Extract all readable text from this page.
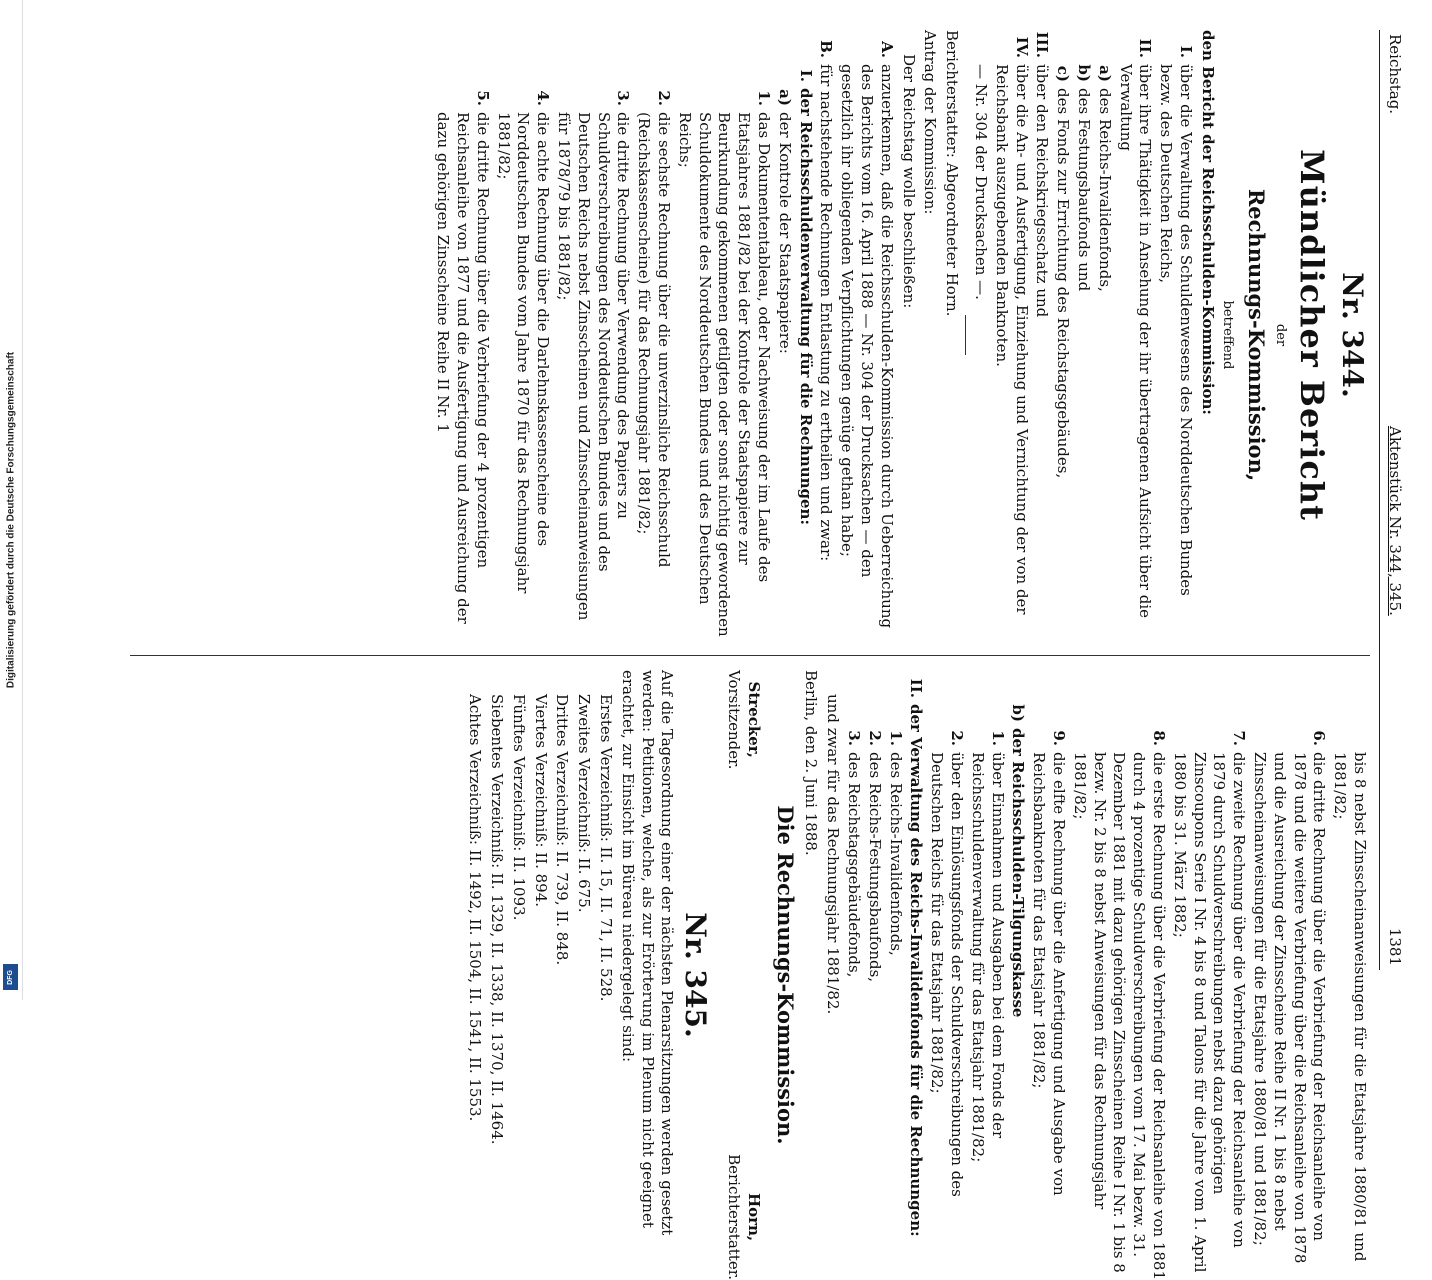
Digitalisierung gefördert durch die Deutsche Forschungsgemeinschaft
DFG
Reichstag.
Aktenstück Nr. 344, 345.
1381
Nr. 344.
Mündlicher Bericht
der
Rechnungs-Kommission,
betreffend

den Bericht der Reichsschulden-Kommission:

I.
über die Verwaltung des Schuldenwesens des Norddeutschen Bundes bezw. des Deutschen Reichs,
II.
über ihre Thätigkeit in Ansehung der ihr übertragenen Aufsicht über die Verwaltung
a)
des Reichs-Invalidenfonds,
b)
des Festungsbaufonds und
c)
des Fonds zur Errichtung des Reichstagsgebäudes,
III.
über den Reichskriegsschatz und
IV.
über die An- und Ausfertigung, Einziehung und Vernichtung der von der Reichsbank auszugebenden Banknoten.
— Nr. 304 der Drucksachen —.

Berichterstatter: Abgeordneter Horn.

Antrag der Kommission:

Der Reichstag wolle beschließen:

A.
anzuerkennen, daß die Reichsschulden-Kommission durch Ueberreichung des Berichts vom 16. April 1888 — Nr. 304 der Drucksachen — den gesetzlich ihr obliegenden Verpflichtungen genüge gethan habe;
B.
für nachstehende Rechnungen Entlastung zu ertheilen und zwar:
I.
der Reichsschuldenverwaltung für die Rechnungen:
a)
der Kontrole der Staatspapiere:
1.
das Dokumententableau, oder Nachweisung der im Laufe des Etatsjahres 1881/82 bei der Kontrole der Staatspapiere zur Beurkundung gekommenen getilgten oder sonst nichtig gewordenen Schuldokumente des Norddeutschen Bundes und des Deutschen Reichs;
2.
die sechste Rechnung über die unverzinsliche Reichsschuld (Reichskassenscheine) für das Rechnungsjahr 1881/82;
3.
die dritte Rechnung über Verwendung des Papiers zu Schuldverschreibungen des Norddeutschen Bundes und des Deutschen Reichs nebst Zinsscheinen und Zinsscheinanweisungen für 1878/79 bis 1881/82;
4.
die achte Rechnung über die Darlehnskassenscheine des Norddeutschen Bundes vom Jahre 1870 für das Rechnungsjahr 1881/82;
5.
die dritte Rechnung über die Verbriefung der 4 prozentigen Reichsanleihe von 1877 und die Ausfertigung und Ausreichung der dazu gehörigen Zinsscheine Reihe II Nr. 1
bis 8 nebst Zinsscheinanweisungen für die Etatsjahre 1880/81 und 1881/82;
6.
die dritte Rechnung über die Verbriefung der Reichsanleihe von 1878 und die weitere Verbriefung über die Reichsanleihe von 1878 und die Ausreichung der Zinsscheine Reihe II Nr. 1 bis 8 nebst Zinsscheinanweisungen für die Etatsjahre 1880/81 und 1881/82;
7.
die zweite Rechnung über die Verbriefung der Reichsanleihe von 1879 durch Schuldverschreibungen nebst dazu gehörigen Zinscoupons Serie I Nr. 4 bis 8 und Talons für die Jahre vom 1. April 1880 bis 31. März 1882;
8.
die erste Rechnung über die Verbriefung der Reichsanleihe von 1881 durch 4 prozentige Schuldverschreibungen vom 17. Mai bezw. 31. Dezember 1881 mit dazu gehörigen Zinsscheinen Reihe I Nr. 1 bis 8 bezw. Nr. 2 bis 8 nebst Anweisungen für das Rechnungsjahr 1881/82;
9.
die elfte Rechnung über die Anfertigung und Ausgabe von Reichsbanknoten für das Etatsjahr 1881/82;
b)
der Reichsschulden-Tilgungskasse
1.
über Einnahmen und Ausgaben bei dem Fonds der Reichsschuldenverwaltung für das Etatsjahr 1881/82;
2.
über den Einlösungsfonds der Schuldverschreibungen des Deutschen Reichs für das Etatsjahr 1881/82;
II.
der Verwaltung des Reichs-Invalidenfonds für die Rechnungen:
1.
des Reichs-Invalidenfonds,
2.
des Reichs-Festungsbaufonds,
3.
des Reichstagsgebäudefonds,

und zwar für das Rechnungsjahr 1881/82.

Berlin, den 2. Juni 1888.

Die Rechnungs-Kommission.
Strecker,
Vorsitzender.
Horn,
Berichterstatter.
Nr. 345.

Auf die Tagesordnung einer der nächsten Plenarsitzungen werden gesetzt werden: Petitionen, welche, als zur Erörterung im Plenum nicht geeignet erachtet, zur Einsicht im Büreau niedergelegt sind:

Erstes Verzeichniß: II. 15, II. 71, II. 528.

Zweites Verzeichniß: II. 675.

Drittes Verzeichniß: II. 739, II. 848.

Viertes Verzeichniß: II. 894.

Fünftes Verzeichniß: II. 1093.

Siebentes Verzeichniß: II. 1329, II. 1338, II. 1370, II. 1464.

Achtes Verzeichniß: II. 1492, II. 1504, II. 1541, II. 1553.
